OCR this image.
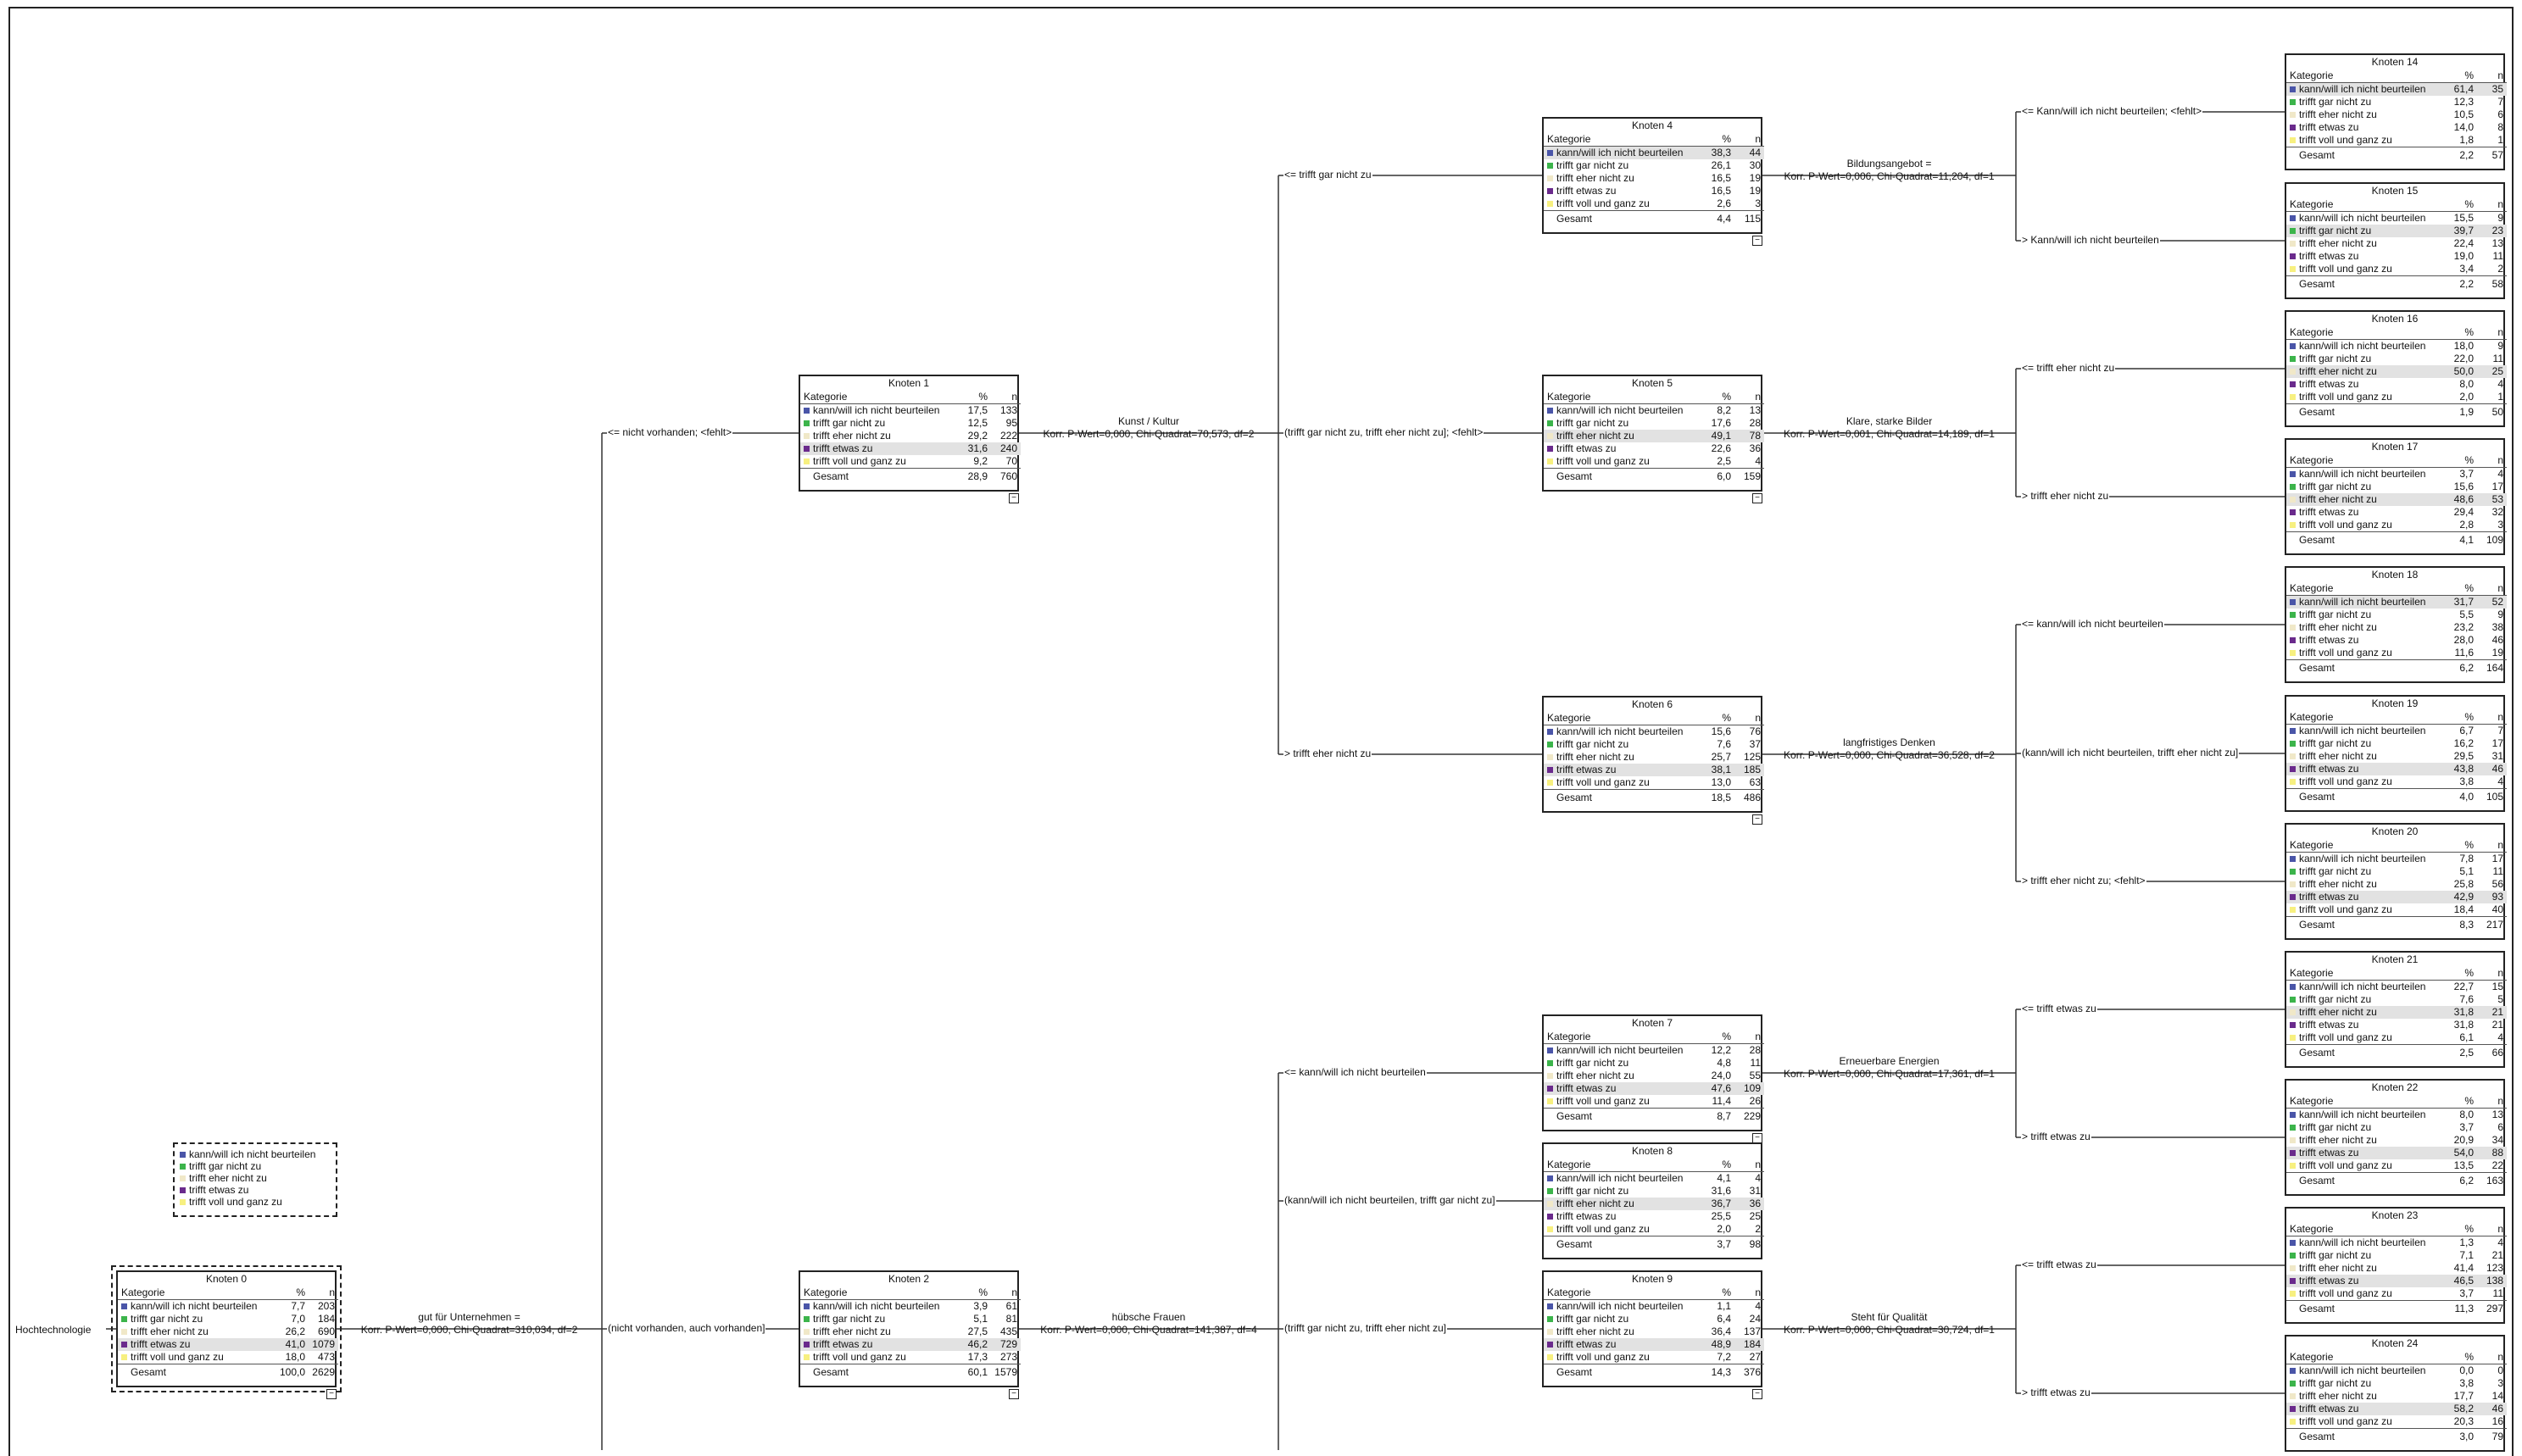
Hochtechnologie
kann/will ich nicht beurteilen
trifft gar nicht zu
trifft eher nicht zu
trifft etwas zu
trifft voll und ganz zu
Knoten 0
Kategorie	%	n
kann/will ich nicht beurteilen	7,7	203
trifft gar nicht zu	7,0	184
trifft eher nicht zu	26,2	690
trifft etwas zu	41,0	1079
trifft voll und ganz zu	18,0	473
Gesamt	100,0	2629
−
Knoten 1
Kategorie	%	n
kann/will ich nicht beurteilen	17,5	133
trifft gar nicht zu	12,5	95
trifft eher nicht zu	29,2	222
trifft etwas zu	31,6	240
trifft voll und ganz zu	9,2	70
Gesamt	28,9	760
−
Knoten 2
Kategorie	%	n
kann/will ich nicht beurteilen	3,9	61
trifft gar nicht zu	5,1	81
trifft eher nicht zu	27,5	435
trifft etwas zu	46,2	729
trifft voll und ganz zu	17,3	273
Gesamt	60,1	1579
−
Knoten 4
Kategorie	%	n
kann/will ich nicht beurteilen	38,3	44
trifft gar nicht zu	26,1	30
trifft eher nicht zu	16,5	19
trifft etwas zu	16,5	19
trifft voll und ganz zu	2,6	3
Gesamt	4,4	115
−
Knoten 5
Kategorie	%	n
kann/will ich nicht beurteilen	8,2	13
trifft gar nicht zu	17,6	28
trifft eher nicht zu	49,1	78
trifft etwas zu	22,6	36
trifft voll und ganz zu	2,5	4
Gesamt	6,0	159
−
Knoten 6
Kategorie	%	n
kann/will ich nicht beurteilen	15,6	76
trifft gar nicht zu	7,6	37
trifft eher nicht zu	25,7	125
trifft etwas zu	38,1	185
trifft voll und ganz zu	13,0	63
Gesamt	18,5	486
−
Knoten 7
Kategorie	%	n
kann/will ich nicht beurteilen	12,2	28
trifft gar nicht zu	4,8	11
trifft eher nicht zu	24,0	55
trifft etwas zu	47,6	109
trifft voll und ganz zu	11,4	26
Gesamt	8,7	229
−
Knoten 8
Kategorie	%	n
kann/will ich nicht beurteilen	4,1	4
trifft gar nicht zu	31,6	31
trifft eher nicht zu	36,7	36
trifft etwas zu	25,5	25
trifft voll und ganz zu	2,0	2
Gesamt	3,7	98
Knoten 9
Kategorie	%	n
kann/will ich nicht beurteilen	1,1	4
trifft gar nicht zu	6,4	24
trifft eher nicht zu	36,4	137
trifft etwas zu	48,9	184
trifft voll und ganz zu	7,2	27
Gesamt	14,3	376
−
Knoten 14
Kategorie	%	n
kann/will ich nicht beurteilen	61,4	35
trifft gar nicht zu	12,3	7
trifft eher nicht zu	10,5	6
trifft etwas zu	14,0	8
trifft voll und ganz zu	1,8	1
Gesamt	2,2	57
Knoten 15
Kategorie	%	n
kann/will ich nicht beurteilen	15,5	9
trifft gar nicht zu	39,7	23
trifft eher nicht zu	22,4	13
trifft etwas zu	19,0	11
trifft voll und ganz zu	3,4	2
Gesamt	2,2	58
Knoten 16
Kategorie	%	n
kann/will ich nicht beurteilen	18,0	9
trifft gar nicht zu	22,0	11
trifft eher nicht zu	50,0	25
trifft etwas zu	8,0	4
trifft voll und ganz zu	2,0	1
Gesamt	1,9	50
Knoten 17
Kategorie	%	n
kann/will ich nicht beurteilen	3,7	4
trifft gar nicht zu	15,6	17
trifft eher nicht zu	48,6	53
trifft etwas zu	29,4	32
trifft voll und ganz zu	2,8	3
Gesamt	4,1	109
Knoten 18
Kategorie	%	n
kann/will ich nicht beurteilen	31,7	52
trifft gar nicht zu	5,5	9
trifft eher nicht zu	23,2	38
trifft etwas zu	28,0	46
trifft voll und ganz zu	11,6	19
Gesamt	6,2	164
Knoten 19
Kategorie	%	n
kann/will ich nicht beurteilen	6,7	7
trifft gar nicht zu	16,2	17
trifft eher nicht zu	29,5	31
trifft etwas zu	43,8	46
trifft voll und ganz zu	3,8	4
Gesamt	4,0	105
Knoten 20
Kategorie	%	n
kann/will ich nicht beurteilen	7,8	17
trifft gar nicht zu	5,1	11
trifft eher nicht zu	25,8	56
trifft etwas zu	42,9	93
trifft voll und ganz zu	18,4	40
Gesamt	8,3	217
Knoten 21
Kategorie	%	n
kann/will ich nicht beurteilen	22,7	15
trifft gar nicht zu	7,6	5
trifft eher nicht zu	31,8	21
trifft etwas zu	31,8	21
trifft voll und ganz zu	6,1	4
Gesamt	2,5	66
Knoten 22
Kategorie	%	n
kann/will ich nicht beurteilen	8,0	13
trifft gar nicht zu	3,7	6
trifft eher nicht zu	20,9	34
trifft etwas zu	54,0	88
trifft voll und ganz zu	13,5	22
Gesamt	6,2	163
Knoten 23
Kategorie	%	n
kann/will ich nicht beurteilen	1,3	4
trifft gar nicht zu	7,1	21
trifft eher nicht zu	41,4	123
trifft etwas zu	46,5	138
trifft voll und ganz zu	3,7	11
Gesamt	11,3	297
Knoten 24
Kategorie	%	n
kann/will ich nicht beurteilen	0,0	0
trifft gar nicht zu	3,8	3
trifft eher nicht zu	17,7	14
trifft etwas zu	58,2	46
trifft voll und ganz zu	20,3	16
Gesamt	3,0	79
<= nicht vorhanden; <fehlt>
(nicht vorhanden, auch vorhanden]
gut für Unternehmen =
Korr. P-Wert=0,000, Chi-Quadrat=310,034, df=2
<= trifft gar nicht zu
(trifft gar nicht zu, trifft eher nicht zu]; <fehlt>
> trifft eher nicht zu
Kunst / Kultur
Korr. P-Wert=0,000, Chi-Quadrat=70,573, df=2
<= kann/will ich nicht beurteilen
(kann/will ich nicht beurteilen, trifft gar nicht zu]
(trifft gar nicht zu, trifft eher nicht zu]
hübsche Frauen
Korr. P-Wert=0,000, Chi-Quadrat=141,387, df=4
<= Kann/will ich nicht beurteilen; <fehlt>
> Kann/will ich nicht beurteilen
Bildungsangebot =
Korr. P-Wert=0,006, Chi-Quadrat=11,204, df=1
<= trifft eher nicht zu
> trifft eher nicht zu
Klare, starke Bilder
Korr. P-Wert=0,001, Chi-Quadrat=14,189, df=1
<= kann/will ich nicht beurteilen
(kann/will ich nicht beurteilen, trifft eher nicht zu]
> trifft eher nicht zu; <fehlt>
langfristiges Denken
Korr. P-Wert=0,000, Chi-Quadrat=36,528, df=2
<= trifft etwas zu
> trifft etwas zu
Erneuerbare Energien
Korr. P-Wert=0,000, Chi-Quadrat=17,361, df=1
<= trifft etwas zu
> trifft etwas zu
Steht für Qualität
Korr. P-Wert=0,000, Chi-Quadrat=30,724, df=1
